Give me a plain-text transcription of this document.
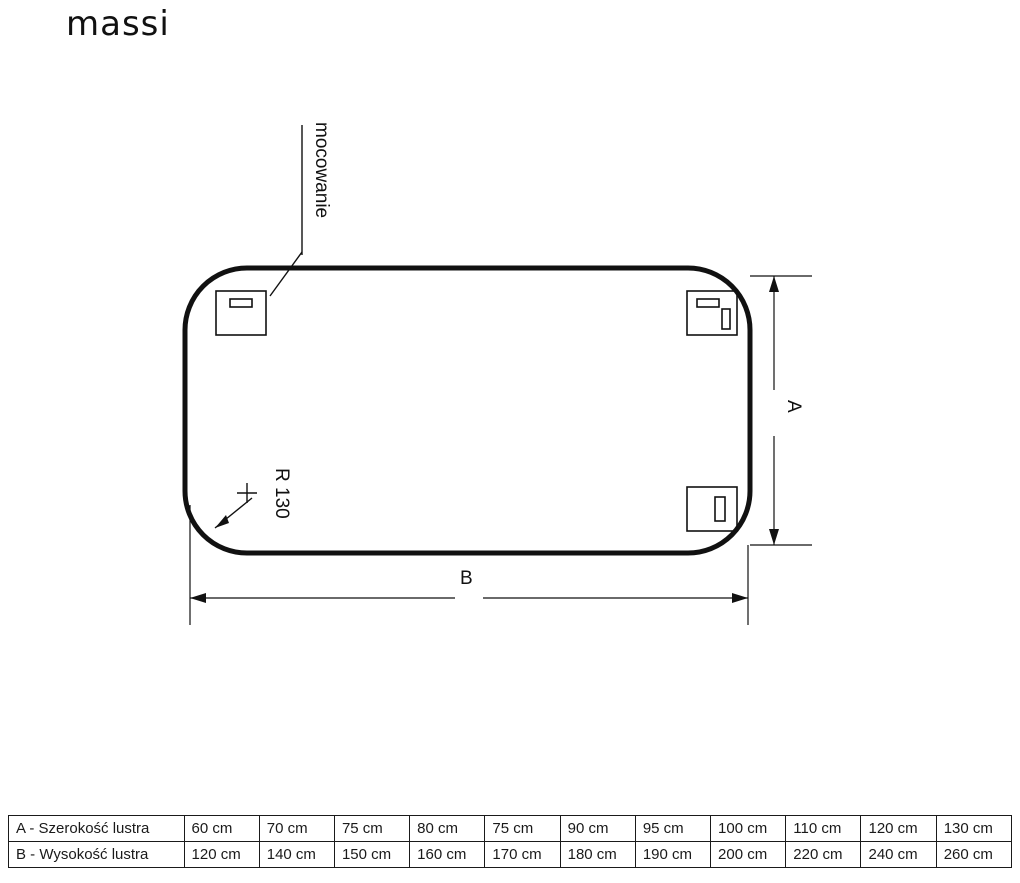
massi
mocowanie
R 130
A
B
A - Szerokość lustra	60 cm	70 cm	75 cm	80 cm	75 cm	90 cm	95 cm	100 cm	110 cm	120 cm	130 cm
B - Wysokość lustra	120 cm	140 cm	150 cm	160 cm	170 cm	180 cm	190 cm	200 cm	220 cm	240 cm	260 cm
